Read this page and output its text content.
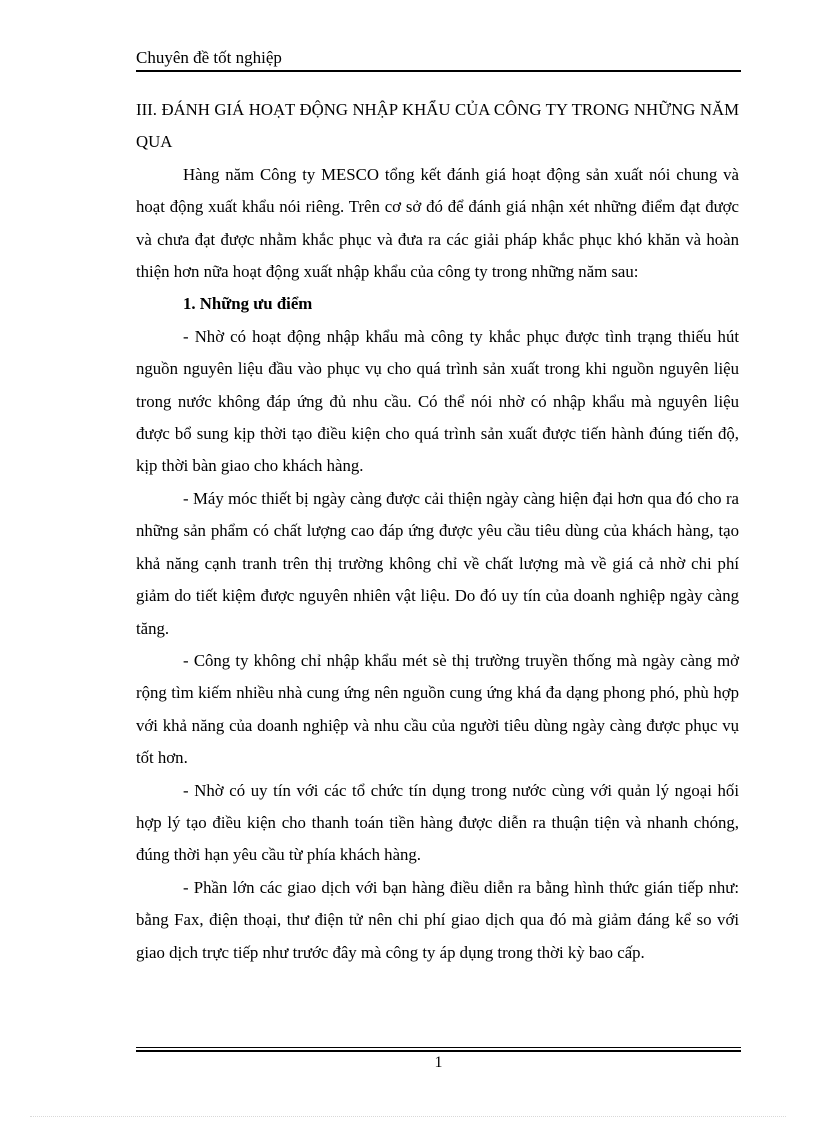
Chuyên đề tốt nghiệp

III. ĐÁNH GIÁ HOẠT ĐỘNG NHẬP KHẨU CỦA CÔNG TY TRONG NHỮNG NĂM QUA

Hàng năm Công ty MESCO tổng kết đánh giá hoạt động sản xuất nói chung và hoạt động xuất khẩu nói riêng. Trên cơ sở đó để đánh giá nhận xét những điểm đạt được và chưa đạt được nhằm khắc phục và đưa ra các giải pháp khắc phục khó khăn và hoàn thiện hơn nữa hoạt động xuất nhập khẩu của công ty trong những năm sau:

1. Những ưu điểm

- Nhờ có hoạt động nhập khẩu mà công ty khắc phục được tình trạng thiếu hút nguồn nguyên liệu đầu vào phục vụ cho quá trình sản xuất trong khi nguồn nguyên liệu trong nước không đáp ứng đủ nhu cầu. Có thể nói nhờ có nhập khẩu mà nguyên liệu được bổ sung kịp thời tạo điều kiện cho quá trình sản xuất được tiến hành đúng tiến độ, kịp thời bàn giao cho khách hàng.

- Máy móc thiết bị ngày càng được cải thiện ngày càng hiện đại hơn qua đó cho ra những sản phẩm có chất lượng cao đáp ứng được yêu cầu tiêu dùng của khách hàng, tạo khả năng cạnh tranh trên thị trường không chỉ về chất lượng mà về giá cả nhờ chi phí giảm do tiết kiệm được nguyên nhiên vật liệu. Do đó uy tín của doanh nghiệp ngày càng tăng.

- Công ty không chỉ nhập khẩu mét sè thị trường truyền thống mà ngày càng mở rộng tìm kiếm nhiều nhà cung ứng nên nguồn cung ứng khá đa dạng phong phó, phù hợp với khả năng của doanh nghiệp và nhu cầu của người tiêu dùng ngày càng được phục vụ tốt hơn.

- Nhờ có uy tín với các tổ chức tín dụng trong nước cùng với quản lý ngoại hối hợp lý tạo điều kiện cho thanh toán tiền hàng được diễn ra thuận tiện và nhanh chóng, đúng thời hạn yêu cầu từ phía khách hàng.

- Phần lớn các giao dịch với bạn hàng điều diễn ra bằng hình thức gián tiếp như: bằng Fax, điện thoại, thư điện tử nên chi phí giao dịch qua đó mà giảm đáng kể so với giao dịch trực tiếp như trước đây mà công ty áp dụng trong thời kỳ bao cấp.

1
